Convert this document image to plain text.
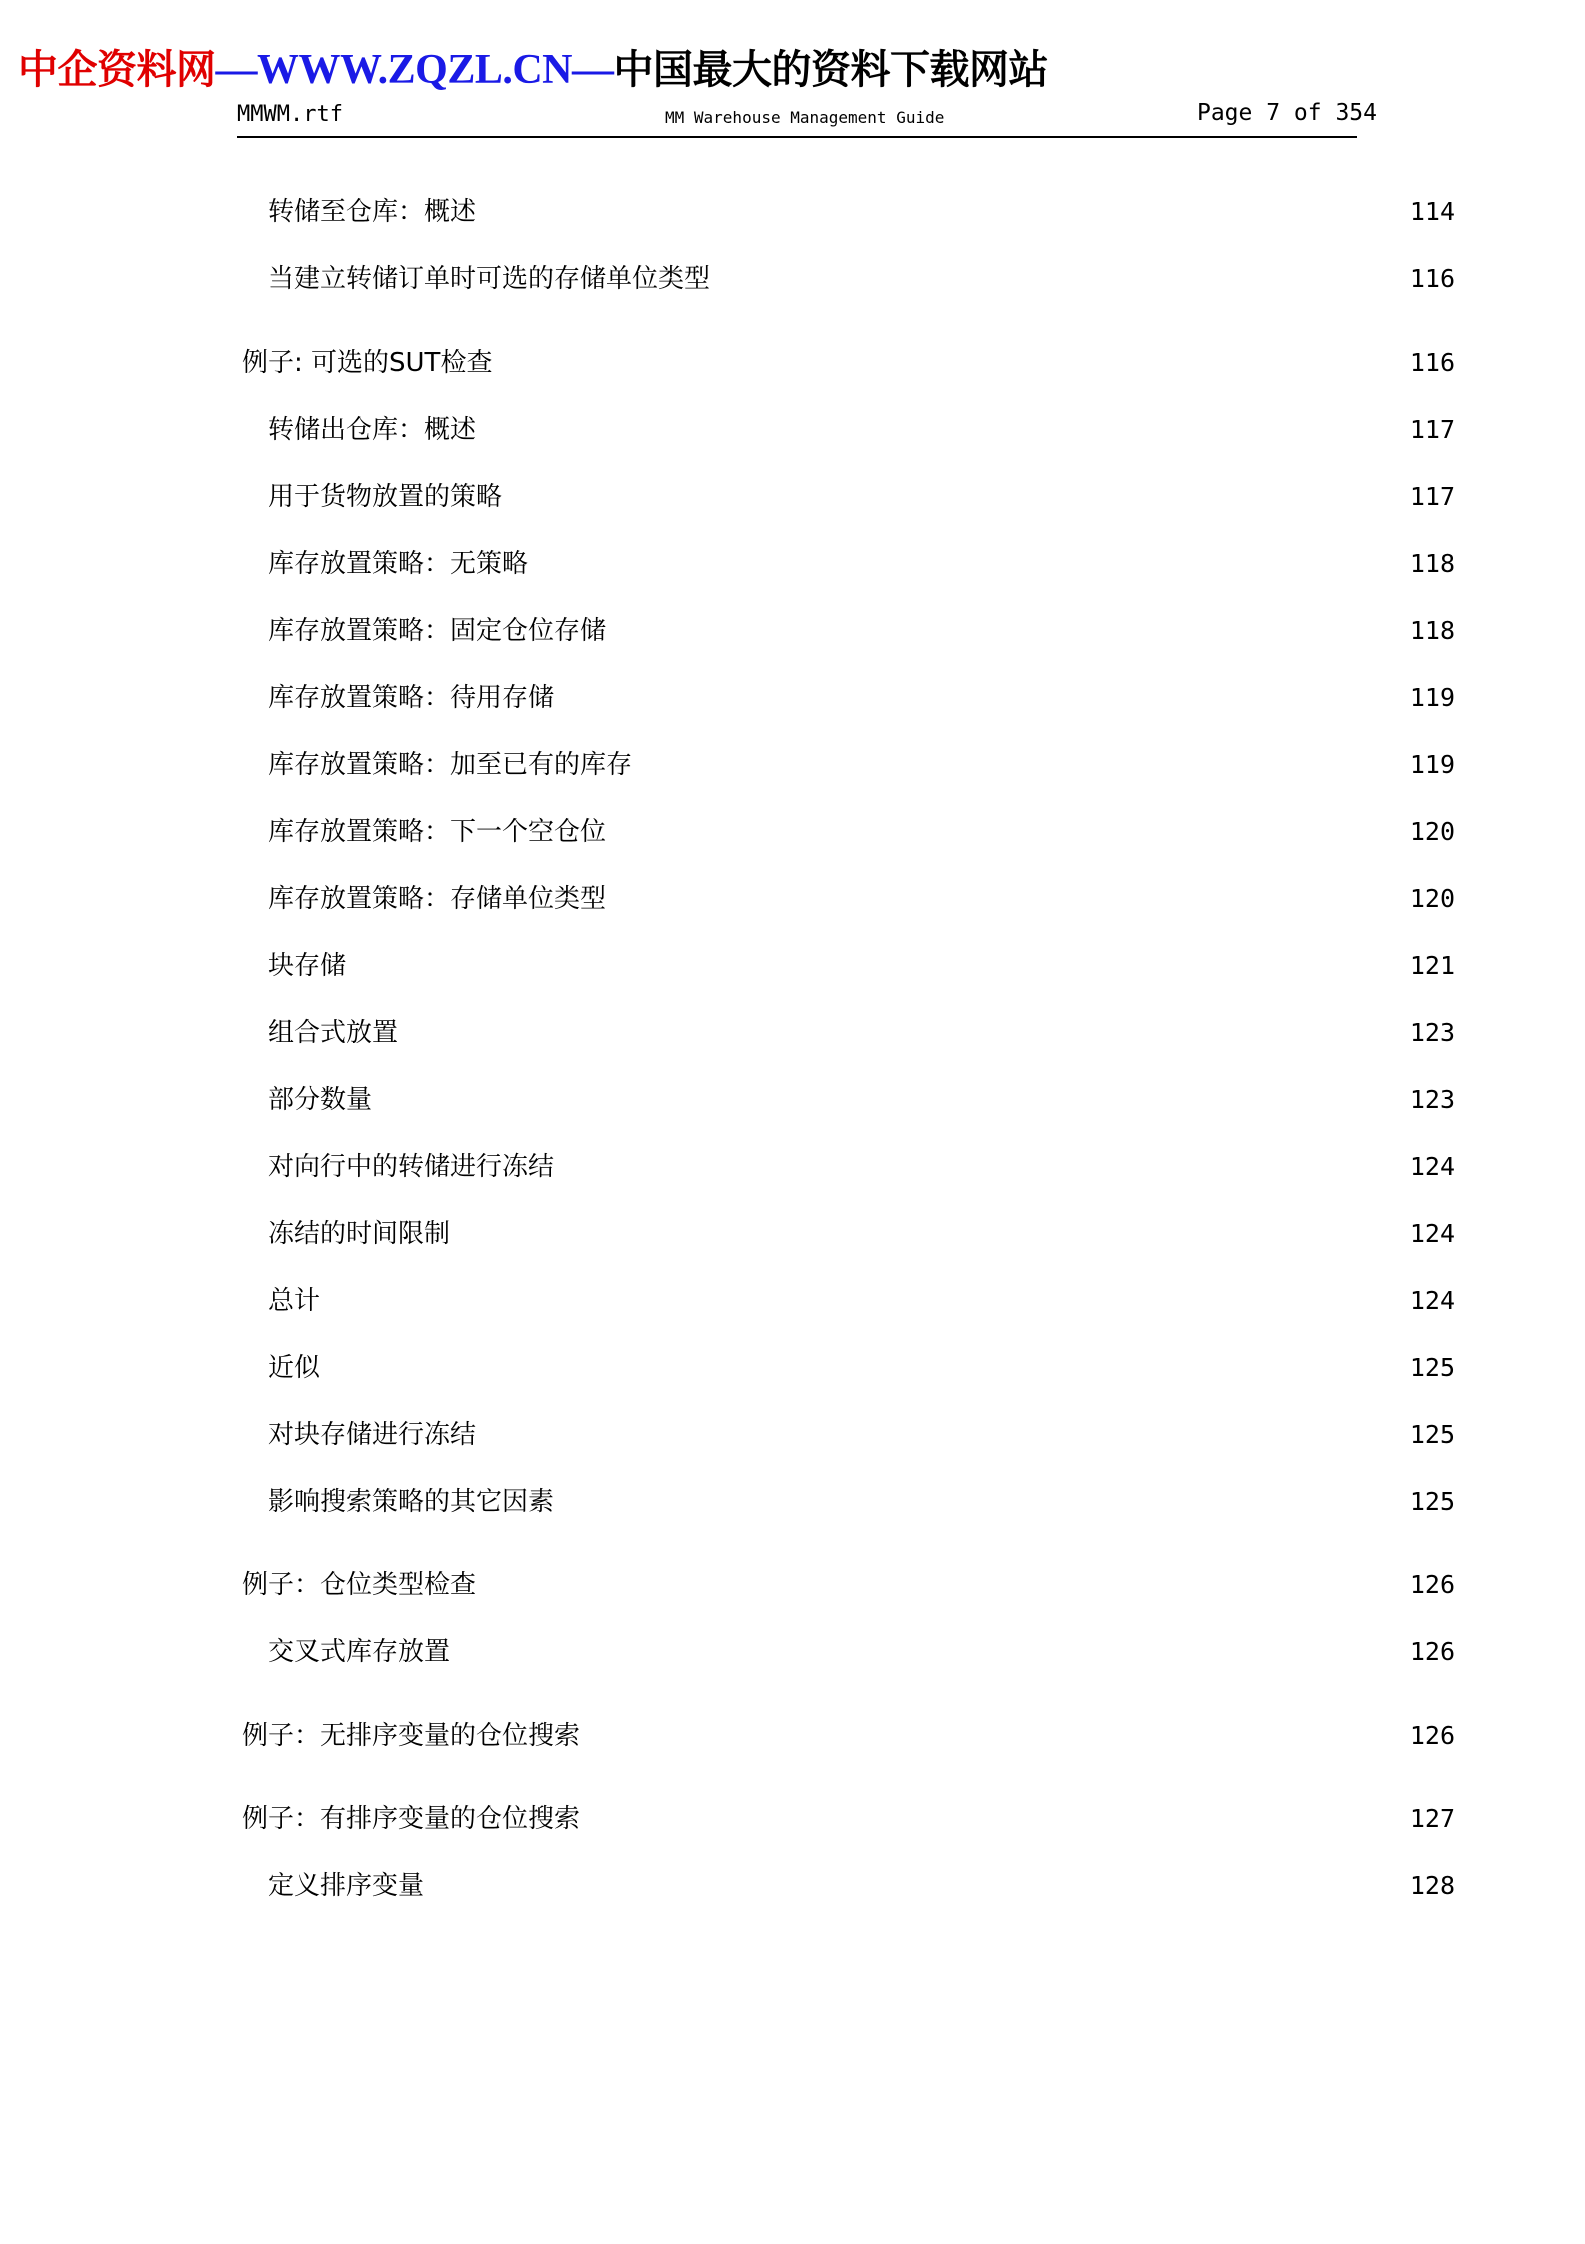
中企资料网—WWW.ZQZL.CN—中国最大的资料下载网站
MMWM.rtf	MM Warehouse Management Guide	Page 7 of 354
转储至仓库：概述	114
当建立转储订单时可选的存储单位类型	116
例子: 可选的SUT检查	116
转储出仓库：概述	117
用于货物放置的策略	117
库存放置策略：无策略	118
库存放置策略：固定仓位存储	118
库存放置策略：待用存储	119
库存放置策略：加至已有的库存	119
库存放置策略：下一个空仓位	120
库存放置策略：存储单位类型	120
块存储	121
组合式放置	123
部分数量	123
对向行中的转储进行冻结	124
冻结的时间限制	124
总计	124
近似	125
对块存储进行冻结	125
影响搜索策略的其它因素	125
例子：仓位类型检查	126
交叉式库存放置	126
例子：无排序变量的仓位搜索	126
例子：有排序变量的仓位搜索	127
定义排序变量	128
